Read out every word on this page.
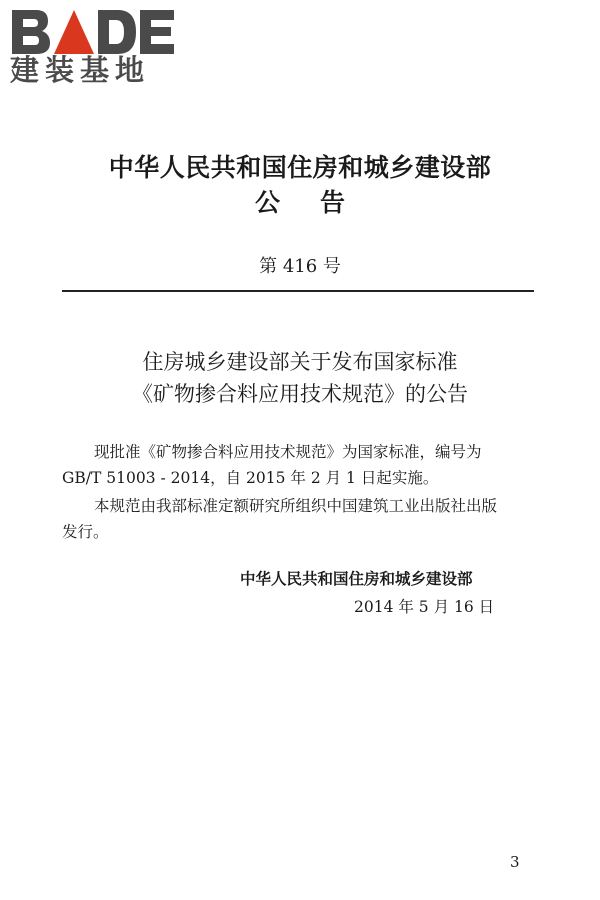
建装基地
中华人民共和国住房和城乡建设部
公告
第 416 号
住房城乡建设部关于发布国家标准
《矿物掺合料应用技术规范》的公告
现批准《矿物掺合料应用技术规范》为国家标准，编号为
GB/T 51003 - 2014，自 2015 年 2 月 1 日起实施。
本规范由我部标准定额研究所组织中国建筑工业出版社出版
发行。
中华人民共和国住房和城乡建设部
2014 年 5 月 16 日
3
